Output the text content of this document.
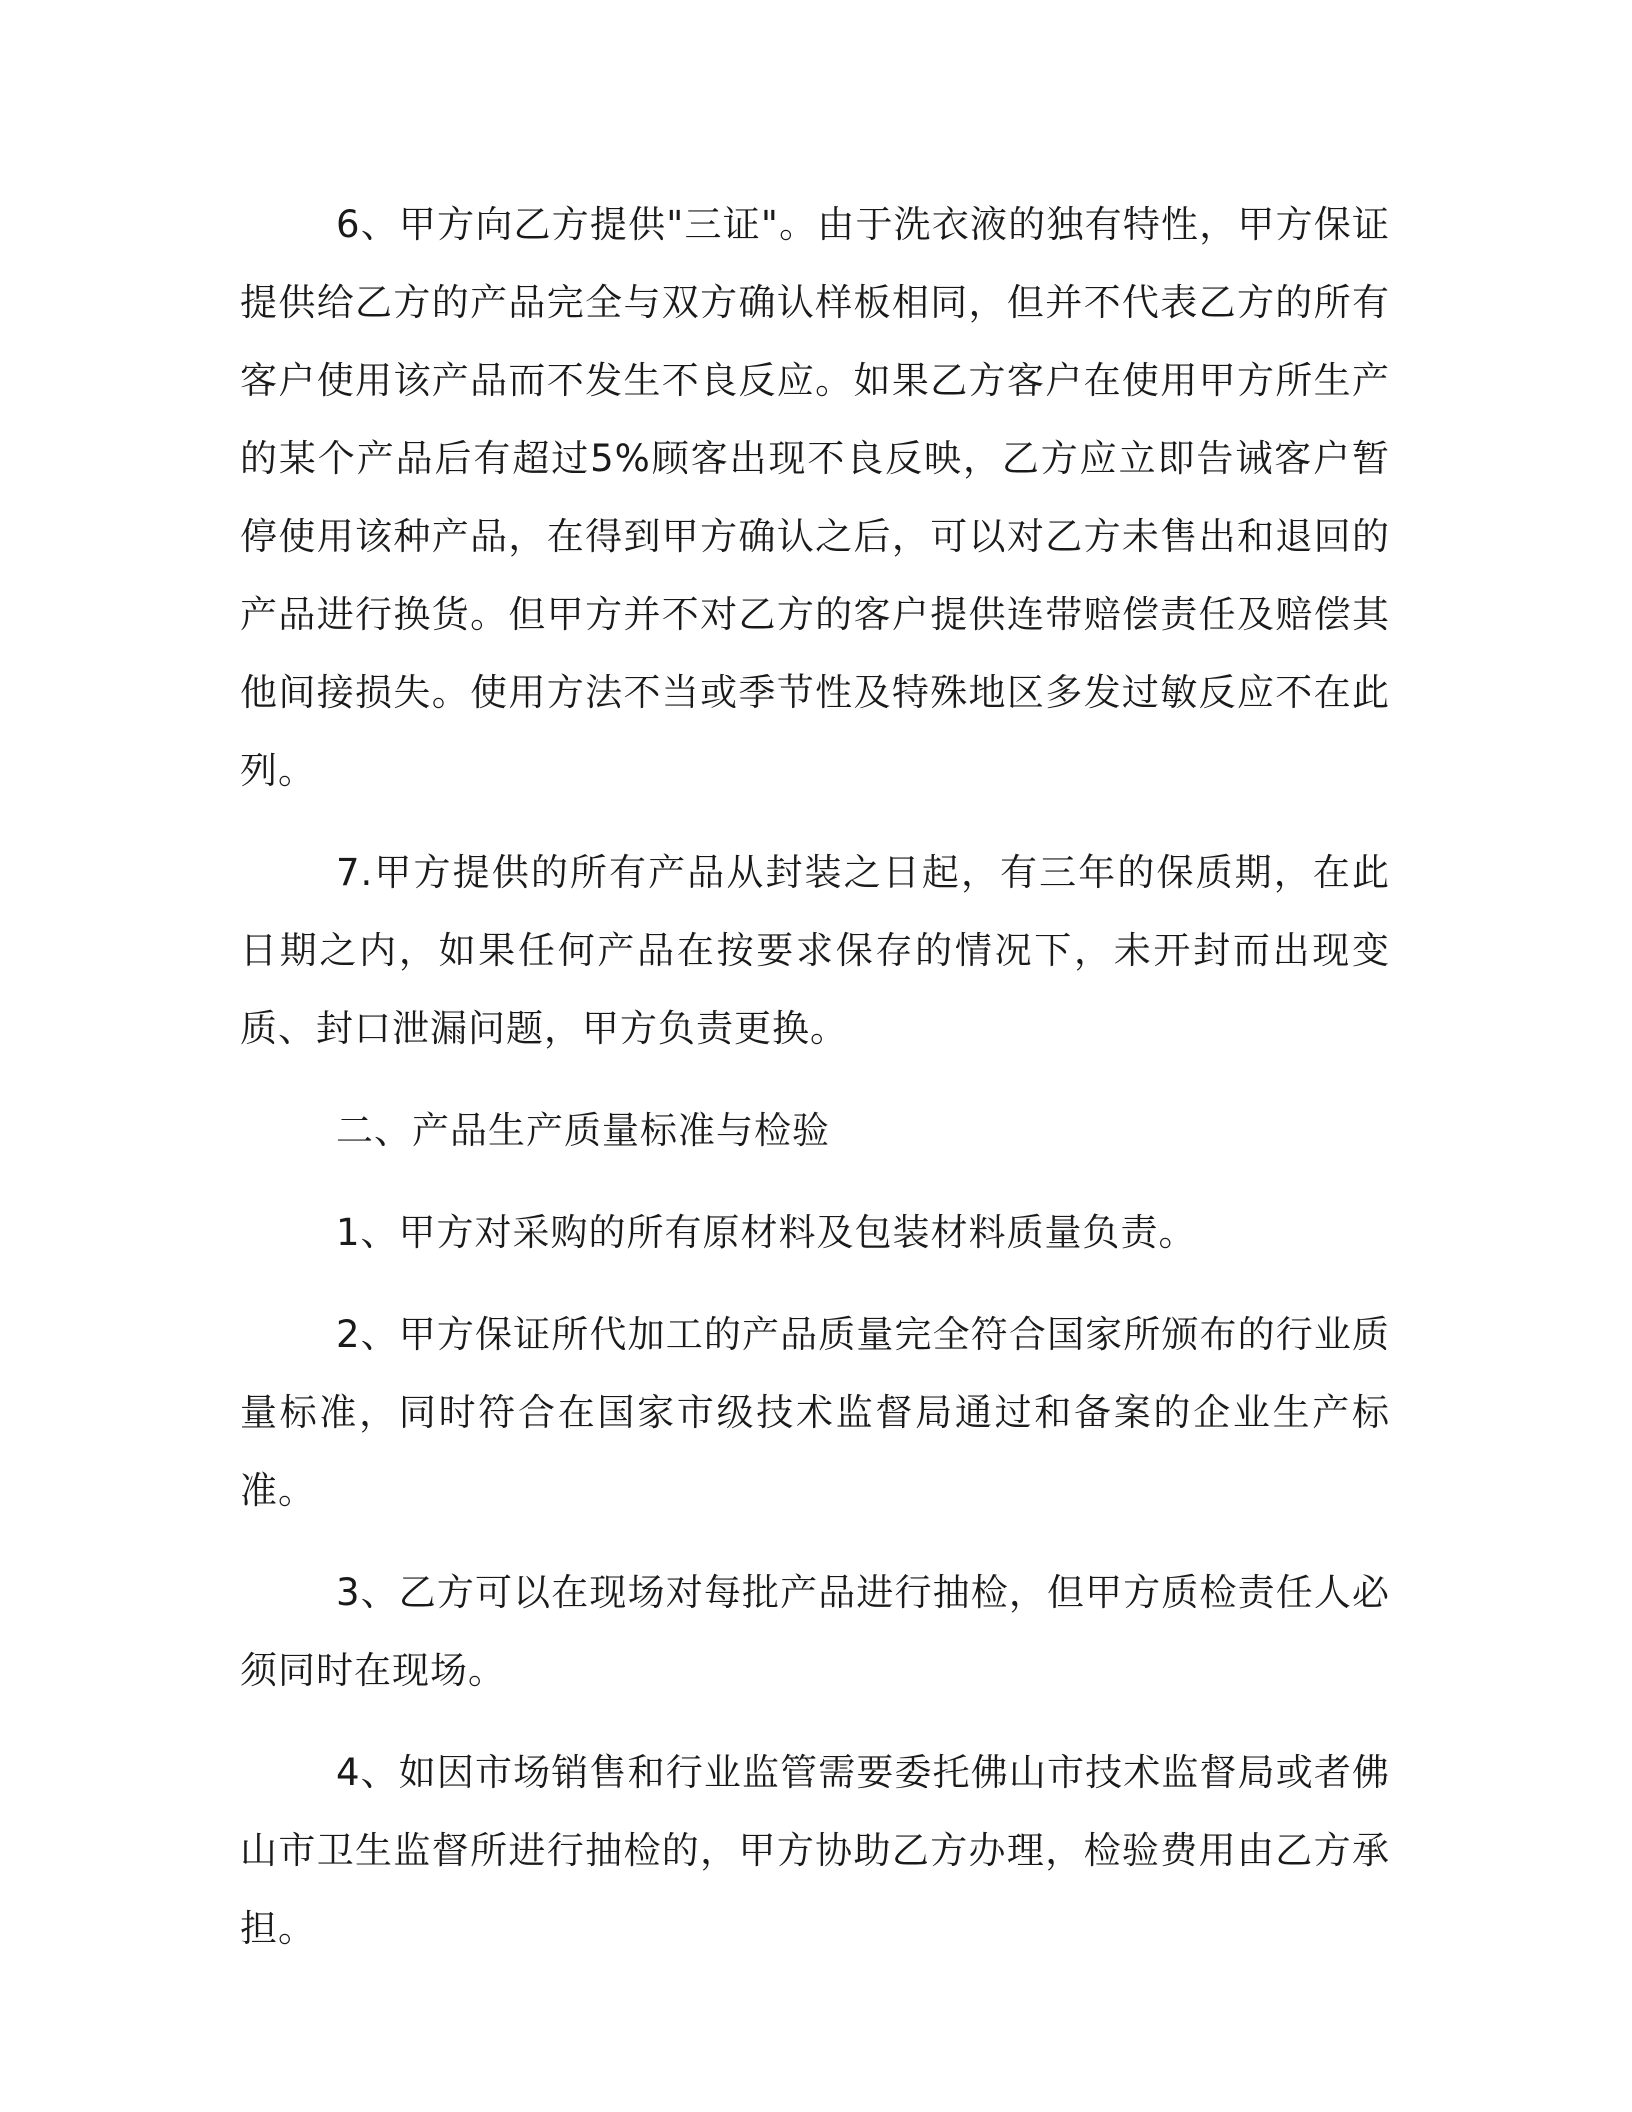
6、甲方向乙方提供"三证"。由于洗衣液的独有特性，甲方保证提供给乙方的产品完全与双方确认样板相同，但并不代表乙方的所有客户使用该产品而不发生不良反应。如果乙方客户在使用甲方所生产的某个产品后有超过5%顾客出现不良反映，乙方应立即告诫客户暂停使用该种产品，在得到甲方确认之后，可以对乙方未售出和退回的产品进行换货。但甲方并不对乙方的客户提供连带赔偿责任及赔偿其他间接损失。使用方法不当或季节性及特殊地区多发过敏反应不在此列。

7.甲方提供的所有产品从封装之日起，有三年的保质期，在此日期之内，如果任何产品在按要求保存的情况下，未开封而出现变质、封口泄漏问题，甲方负责更换。

二、产品生产质量标准与检验

1、甲方对采购的所有原材料及包装材料质量负责。

2、甲方保证所代加工的产品质量完全符合国家所颁布的行业质量标准，同时符合在国家市级技术监督局通过和备案的企业生产标准。

3、乙方可以在现场对每批产品进行抽检，但甲方质检责任人必须同时在现场。

4、如因市场销售和行业监管需要委托佛山市技术监督局或者佛山市卫生监督所进行抽检的，甲方协助乙方办理，检验费用由乙方承担。
